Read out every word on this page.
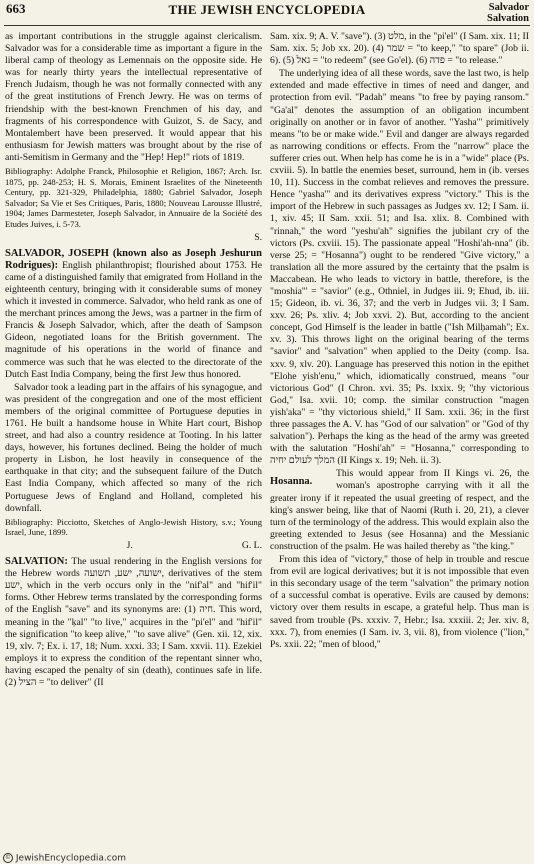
663	THE JEWISH ENCYCLOPEDIA	Salvador
Salvation

as important contributions in the struggle against clericalism. Salvador was for a considerable time as important a figure in the liberal camp of theology as Lemennais on the opposite side. He was for nearly thirty years the intellectual representative of French Judaism, though he was not formally connected with any of the great institutions of French Jewry. He was on terms of friendship with the best-known Frenchmen of his day, and fragments of his correspondence with Guizot, S. de Sacy, and Montalembert have been preserved. It would appear that his enthusiasm for Jewish matters was brought about by the rise of anti-Semitism in Germany and the "Hep! Hep!" riots of 1819.

Bibliography: Adolphe Franck, Philosophie et Religion, 1867; Arch. Isr. 1875, pp. 248-253; H. S. Morais, Eminent Israelites of the Nineteenth Century, pp. 321-329, Philadelphia, 1880; Gabriel Salvador, Joseph Salvador; Sa Vie et Ses Critiques, Paris, 1880; Nouveau Larousse Illustré, 1904; James Darmesteter, Joseph Salvador, in Annuaire de la Société des Etudes Juives, i. 5-73.

S.

SALVADOR, JOSEPH (known also as Joseph Jeshurun Rodrigues): English philanthropist; flourished about 1753. He came of a distinguished family that emigrated from Holland in the eighteenth century, bringing with it considerable sums of money which it invested in commerce. Salvador, who held rank as one of the merchant princes among the Jews, was a partner in the firm of Francis & Joseph Salvador, which, after the death of Sampson Gideon, negotiated loans for the British government. The magnitude of his operations in the world of finance and commerce was such that he was elected to the directorate of the Dutch East India Company, being the first Jew thus honored.

Salvador took a leading part in the affairs of his synagogue, and was president of the congregation and one of the most efficient members of the original committee of Portuguese deputies in 1761. He built a handsome house in White Hart court, Bishop street, and had also a country residence at Tooting. In his latter days, however, his fortunes declined. Being the holder of much property in Lisbon, he lost heavily in consequence of the earthquake in that city; and the subsequent failure of the Dutch East India Company, which affected so many of the rich Portuguese Jews of England and Holland, completed his downfall.

Bibliography: Picciotto, Sketches of Anglo-Jewish History, s.v.; Young Israel, June, 1899.

J.                                             G. L.

SALVATION: The usual rendering in the English versions for the Hebrew words ישועה, ישע, תשועה, derivatives of the stem ישע, which in the verb occurs only in the "nif'al" and "hif'il" forms. Other Hebrew terms translated by the corresponding forms of the English "save" and its synonyms are: (1) חיה. This word, meaning in the "ḳal" "to live," acquires in the "pi'el" and "hif'il" the signification "to keep alive," "to save alive" (Gen. xii. 12, xix. 19, xlv. 7; Ex. i. 17, 18; Num. xxxi. 33; I Sam. xxvii. 11). Ezekiel employs it to express the condition of the repentant sinner who, having escaped the penalty of sin (death), continues safe in life. (2) הציל = "to deliver" (II

Sam. xix. 9; A. V. "save"). (3) מלט, in the "pi'el" (I Sam. xix. 11; II Sam. xix. 5; Job xx. 20). (4) שמר = "to keep," "to spare" (Job ii. 6). (5) גאל = "to redeem" (see Go'el). (6) פדה = "to release."

The underlying idea of all these words, save the last two, is help extended and made effective in times of need and danger, and protection from evil. "Padah" means "to free by paying ransom." "Ga'al" denotes the assumption of an obligation incumbent originally on another or in favor of another. "Yasha'" primitively means "to be or make wide." Evil and danger are always regarded as narrowing conditions or effects. From the "narrow" place the sufferer cries out. When help has come he is in a "wide" place (Ps. cxviii. 5). In battle the enemies beset, surround, hem in (ib. verses 10, 11). Success in the combat relieves and removes the pressure. Hence "yasha'" and its derivatives express "victory." This is the import of the Hebrew in such passages as Judges xv. 12; I Sam. ii. 1, xiv. 45; II Sam. xxii. 51; and Isa. xlix. 8. Combined with "rinnah," the word "yeshu'ah" signifies the jubilant cry of the victors (Ps. cxviii. 15). The passionate appeal "Hoshi'ah-nna" (ib. verse 25; = "Hosanna") ought to be rendered "Give victory," a translation all the more assured by the certainty that the psalm is Maccabean. He who leads to victory in battle, therefore, is the "moshia'" = "savior" (e.g., Othniel, in Judges iii. 9; Ehud, ib. iii. 15; Gideon, ib. vi. 36, 37; and the verb in Judges vii. 3; I Sam. xxv. 26; Ps. xliv. 4; Job xxvi. 2). But, according to the ancient concept, God Himself is the leader in battle ("Ish Milḥamah"; Ex. xv. 3). This throws light on the original bearing of the terms "savior" and "salvation" when applied to the Deity (comp. Isa. xxv. 9, xlv. 20). Language has preserved this notion in the epithet "Elohe yish'enu," which, idiomatically construed, means "our victorious God" (I Chron. xvi. 35; Ps. lxxix. 9; "thy victorious God," Isa. xvii. 10; comp. the similar construction "magen yish'aka" = "thy victorious shield," II Sam. xxii. 36; in the first three passages the A. V. has "God of our salvation" or "God of thy salvation"). Perhaps the king as the head of the army was greeted with the salutation "Hoshi'ah" = "Hosanna," corresponding to המלך לעולם יחיה (II Kings x. 19; Neh. ii. 3).

Hosanna.
This would appear from II Kings vi. 26, the woman's apostrophe carrying with it all the greater irony if it repeated the usual greeting of respect, and the king's answer being, like that of Naomi (Ruth i. 20, 21), a clever turn of the terminology of the address. This would explain also the greeting extended to Jesus (see Hosanna) and the Messianic construction of the psalm. He was hailed thereby as "the king."

From this idea of "victory," those of help in trouble and rescue from evil are logical derivatives; but it is not impossible that even in this secondary usage of the term "salvation" the primary notion of a successful combat is operative. Evils are caused by demons: victory over them results in escape, a grateful help. Thus man is saved from trouble (Ps. xxxiv. 7, Hebr.; Isa. xxxiii. 2; Jer. xiv. 8, xxx. 7), from enemies (I Sam. iv. 3, vii. 8), from violence ("lion," Ps. xxii. 22; "men of blood,"

© JewishEncyclopedia.com
